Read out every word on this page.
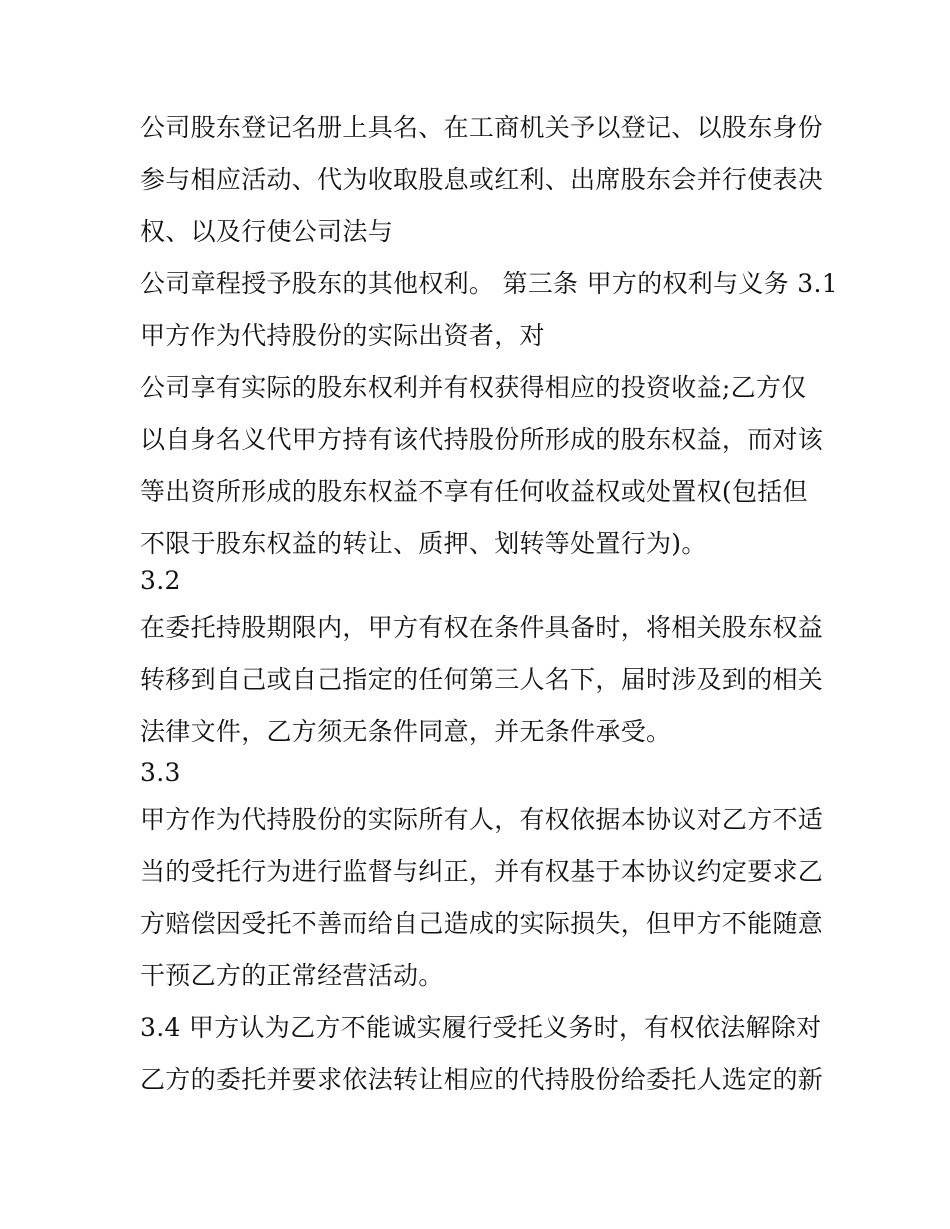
公司股东登记名册上具名、在工商机关予以登记、以股东身份
参与相应活动、代为收取股息或红利、出席股东会并行使表决
权、以及行使公司法与
公司章程授予股东的其他权利。 第三条 甲方的权利与义务 3.1
甲方作为代持股份的实际出资者，对
公司享有实际的股东权利并有权获得相应的投资收益;乙方仅
以自身名义代甲方持有该代持股份所形成的股东权益，而对该
等出资所形成的股东权益不享有任何收益权或处置权(包括但
不限于股东权益的转让、质押、划转等处置行为)。
3.2
在委托持股期限内，甲方有权在条件具备时，将相关股东权益
转移到自己或自己指定的任何第三人名下，届时涉及到的相关
法律文件，乙方须无条件同意，并无条件承受。
3.3
甲方作为代持股份的实际所有人，有权依据本协议对乙方不适
当的受托行为进行监督与纠正，并有权基于本协议约定要求乙
方赔偿因受托不善而给自己造成的实际损失，但甲方不能随意
干预乙方的正常经营活动。
3.4 甲方认为乙方不能诚实履行受托义务时，有权依法解除对
乙方的委托并要求依法转让相应的代持股份给委托人选定的新
